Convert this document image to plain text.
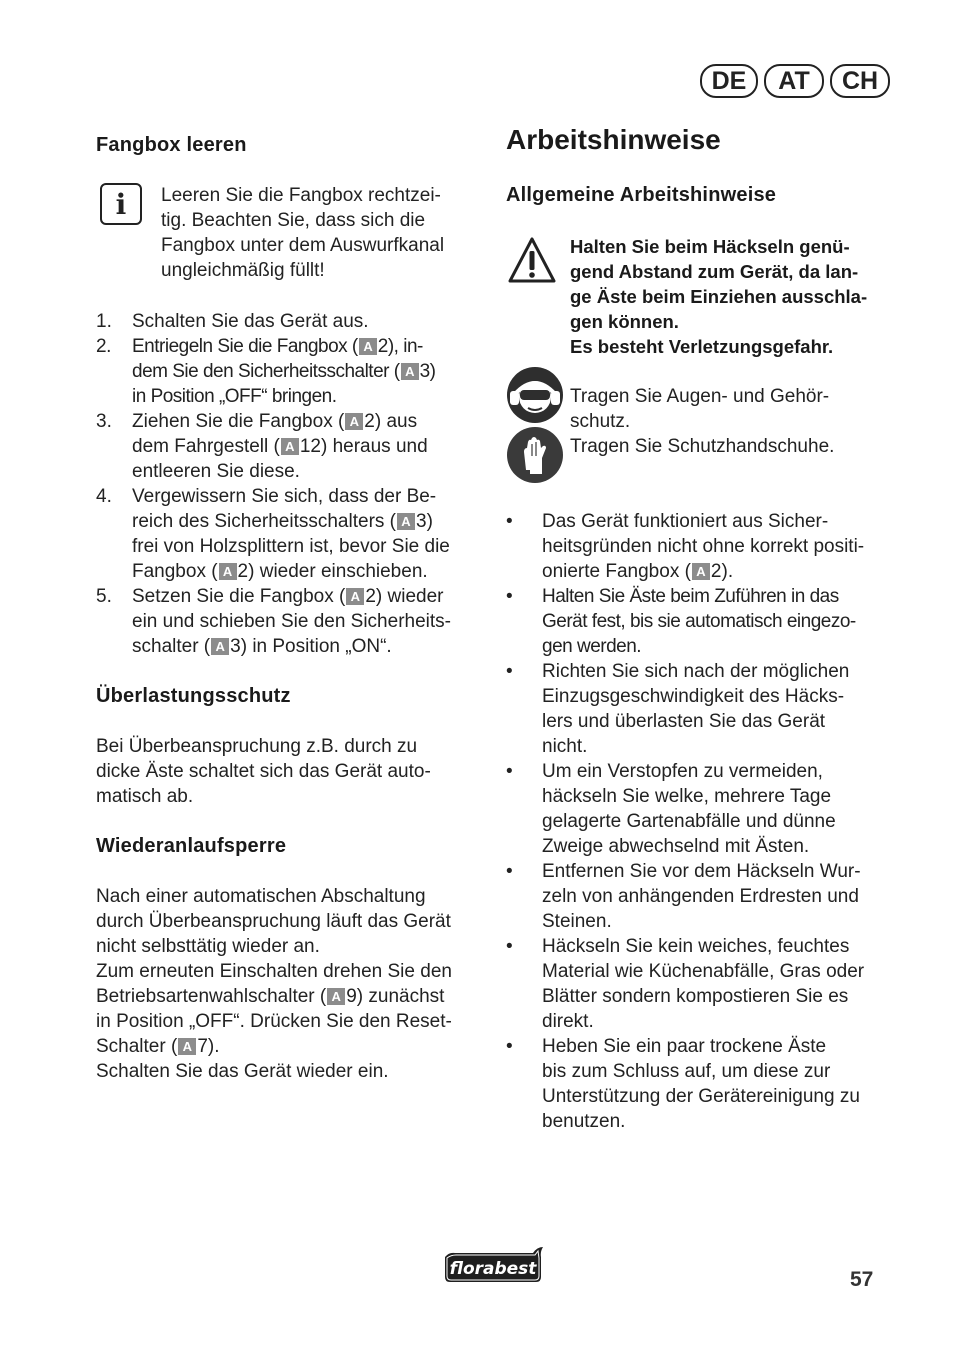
DE	AT	CH
Fangbox leeren
i	Leeren Sie die Fangbox rechtzei-
tig. Beachten Sie, dass sich die
Fangbox unter dem Auswurfkanal
ungleichmäßig füllt!
1. Schalten Sie das Gerät aus.
2. Entriegeln Sie die Fangbox ( A 2), in-
dem Sie den Sicherheitsschalter ( A 3)
in Position „OFF“ bringen.
3. Ziehen Sie die Fangbox ( A 2) aus
dem Fahrgestell ( A 12) heraus und
entleeren Sie diese.
4. Vergewissern Sie sich, dass der Be-
reich des Sicherheitsschalters ( A 3)
frei von Holzsplittern ist, bevor Sie die
Fangbox ( A 2) wieder einschieben.
5. Setzen Sie die Fangbox ( A 2) wieder
ein und schieben Sie den Sicherheits-
schalter ( A 3) in Position „ON“.
Überlastungsschutz
Bei Überbeanspruchung z.B. durch zu
dicke Äste schaltet sich das Gerät auto-
matisch ab.
Wiederanlaufsperre
Nach einer automatischen Abschaltung
durch Überbeanspruchung läuft das Gerät
nicht selbsttätig wieder an.
Zum erneuten Einschalten drehen Sie den
Betriebsartenwahlschalter ( A 9) zunächst
in Position „OFF“. Drücken Sie den Reset-
Schalter ( A 7).
Schalten Sie das Gerät wieder ein.
Arbeitshinweise
Allgemeine Arbeitshinweise
Halten Sie beim Häckseln genü-
gend Abstand zum Gerät, da lan-
ge Äste beim Einziehen ausschla-
gen können.
Es besteht Verletzungsgefahr.
Tragen Sie Augen- und Gehör-
schutz.
Tragen Sie Schutzhandschuhe.
• Das Gerät funktioniert aus Sicher-
heitsgründen nicht ohne korrekt positi-
onierte Fangbox ( A 2).
• Halten Sie Äste beim Zuführen in das
Gerät fest, bis sie automatisch eingezo-
gen werden.
• Richten Sie sich nach der möglichen
Einzugsgeschwindigkeit des Häcks-
lers und überlasten Sie das Gerät
nicht.
• Um ein Verstopfen zu vermeiden,
häckseln Sie welke, mehrere Tage
gelagerte Gartenabfälle und dünne
Zweige abwechselnd mit Ästen.
• Entfernen Sie vor dem Häckseln Wur-
zeln von anhängenden Erdresten und
Steinen.
• Häckseln Sie kein weiches, feuchtes
Material wie Küchenabfälle, Gras oder
Blätter sondern kompostieren Sie es
direkt.
• Heben Sie ein paar trockene Äste
bis zum Schluss auf, um diese zur
Unterstützung der Gerätereinigung zu
benutzen.
florabest	57
